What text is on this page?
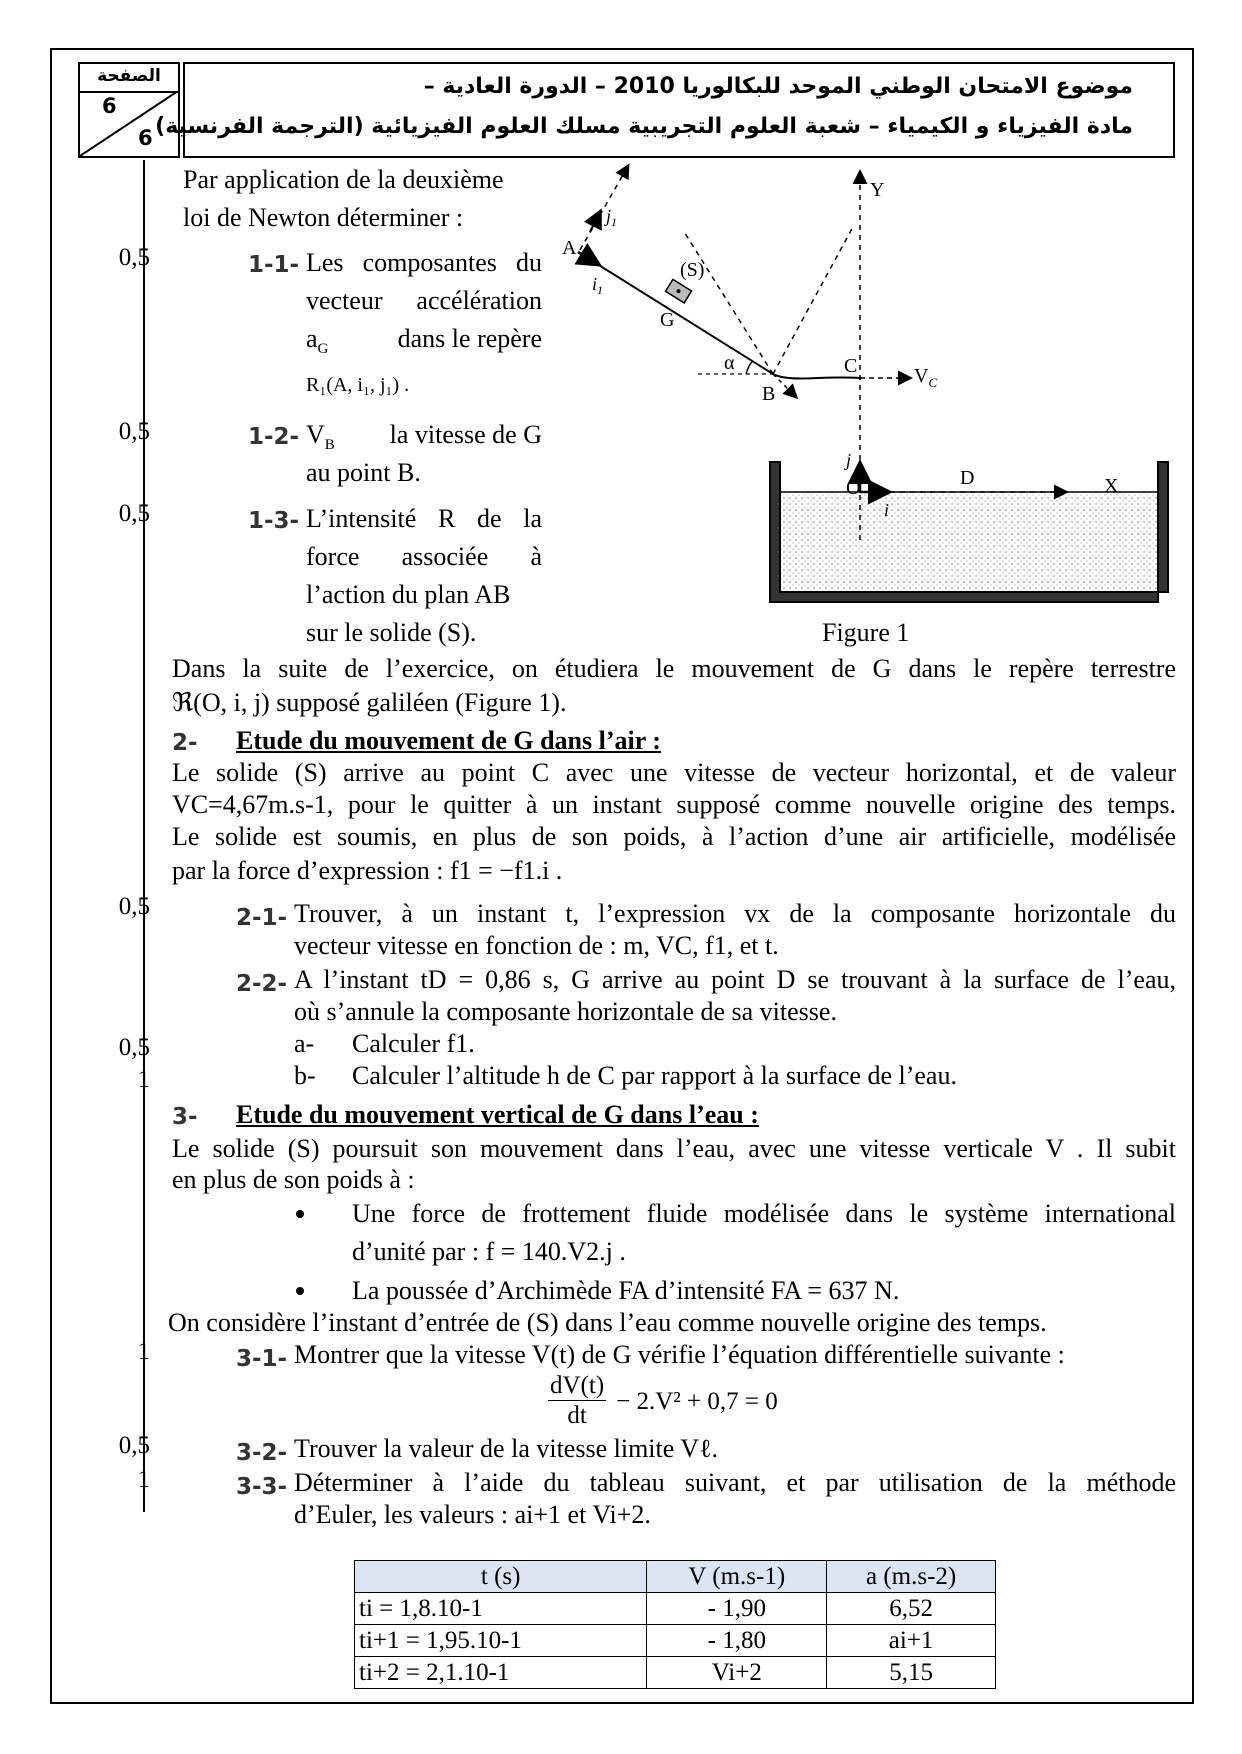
الصفحة
6
6
موضوع الامتحان الوطني الموحد للبكالوريا 2010 – الدورة العادية –
مادة الفيزياء و الكيمياء – شعبة العلوم التجريبية مسلك العلوم الفيزيائية (الترجمة الفرنسية)
0,5
0,5
0,5
0,5
0,5
1
1
0,5
1
Par application de la deuxième
loi de Newton déterminer :
1-1- Les composantes du
vecteur accélération
$a_G$	dans le repère
R₁(A, i₁, j₁) .
1-2- $V_B$ la vitesse de G
au point B.
1-3- L’intensité R de la
force associée à
l’action du plan AB
sur le solide (S).
A
$i_1$
$j_1$
(S)
G
α
B
C	$V_C$
Y
O
j
i
D	X
Figure 1
Dans la suite de l’exercice, on étudiera le mouvement de G dans le repère terrestre
ℜ(O, i, j) supposé galiléen (Figure 1).
2- Etude du mouvement de G dans l’air :
Le solide (S) arrive au point C avec une vitesse de vecteur horizontal, et de valeur
VC=4,67m.s-1, pour le quitter à un instant supposé comme nouvelle origine des temps.
Le solide est soumis, en plus de son poids, à l’action d’une air artificielle, modélisée
par la force d’expression : f1 = −f1.i .
2-1- Trouver, à un instant t, l’expression vx de la composante horizontale du
vecteur vitesse en fonction de : m, VC, f1, et t.
2-2- A l’instant tD = 0,86 s, G arrive au point D se trouvant à la surface de l’eau,
où s’annule la composante horizontale de sa vitesse.
a- Calculer f1.
b- Calculer l’altitude h de C par rapport à la surface de l’eau.
3- Etude du mouvement vertical de G dans l’eau :
Le solide (S) poursuit son mouvement dans l’eau, avec une vitesse verticale V . Il subit
en plus de son poids à :
Une force de frottement fluide modélisée dans le système international
d’unité par : f = 140.V2.j .
La poussée d’Archimède FA d’intensité FA = 637 N.
On considère l’instant d’entrée de (S) dans l’eau comme nouvelle origine des temps.
3-1- Montrer que la vitesse V(t) de G vérifie l’équation différentielle suivante :
$\frac{dV(t)}{dt} - 2.V^2 + 0,7 = 0$
3-2- Trouver la valeur de la vitesse limite Vℓ.
3-3- Déterminer à l’aide du tableau suivant, et par utilisation de la méthode
d’Euler, les valeurs : ai+1 et Vi+2.
t (s)	V (m.s-1)	a (m.s-2)
ti = 1,8.10-1	- 1,90	6,52
ti+1 = 1,95.10-1	- 1,80	ai+1
ti+2 = 2,1.10-1	Vi+2	5,15
